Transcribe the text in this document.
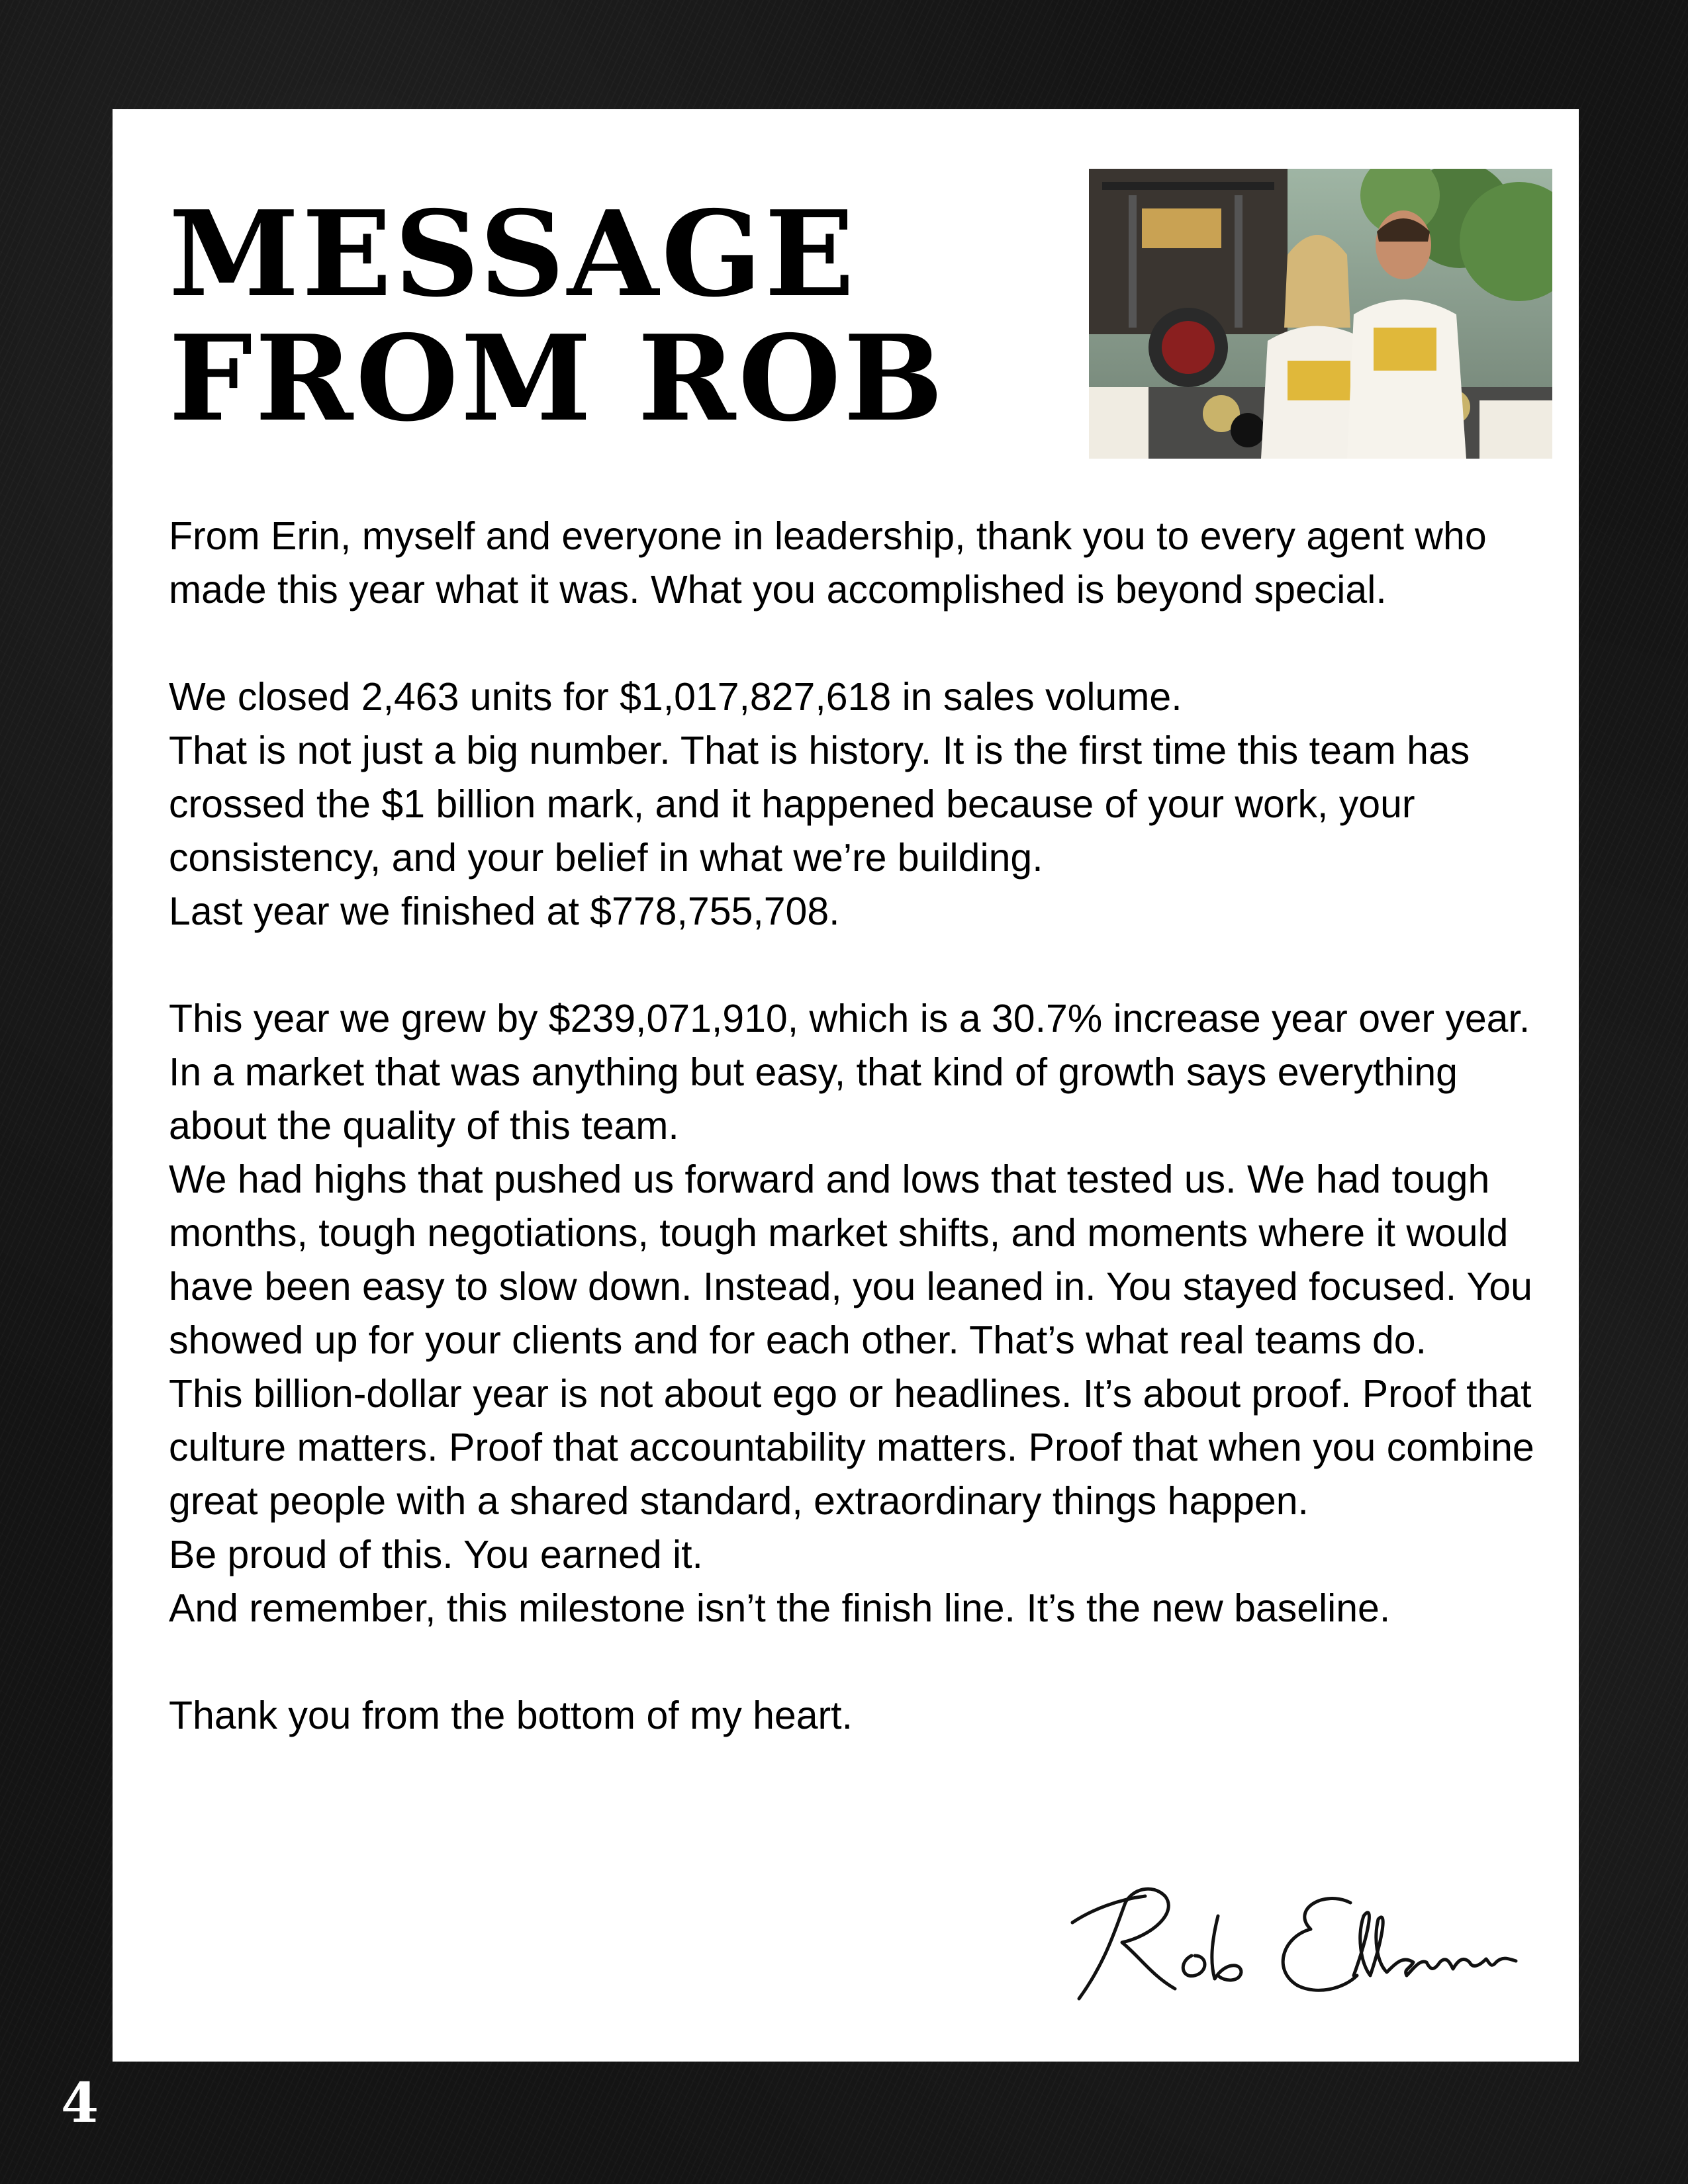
MESSAGE
FROM ROB

From Erin, myself and everyone in leadership, thank you to every agent who made this year what it was. What you accomplished is beyond special.

We closed 2,463 units for $1,017,827,618 in sales volume.

That is not just a big number. That is history. It is the first time this team has crossed the $1 billion mark, and it happened because of your work, your consistency, and your belief in what we’re building.

Last year we finished at $778,755,708.

This year we grew by $239,071,910, which is a 30.7% increase year over year. In a market that was anything but easy, that kind of growth says everything about the quality of this team.

We had highs that pushed us forward and lows that tested us. We had tough months, tough negotiations, tough market shifts, and moments where it would have been easy to slow down. Instead, you leaned in. You stayed focused. You showed up for your clients and for each other. That’s what real teams do.

This billion-dollar year is not about ego or headlines. It’s about proof. Proof that culture matters. Proof that accountability matters. Proof that when you combine great people with a shared standard, extraordinary things happen.

Be proud of this. You earned it.

And remember, this milestone isn’t the finish line. It’s the new baseline.

Thank you from the bottom of my heart.

4
